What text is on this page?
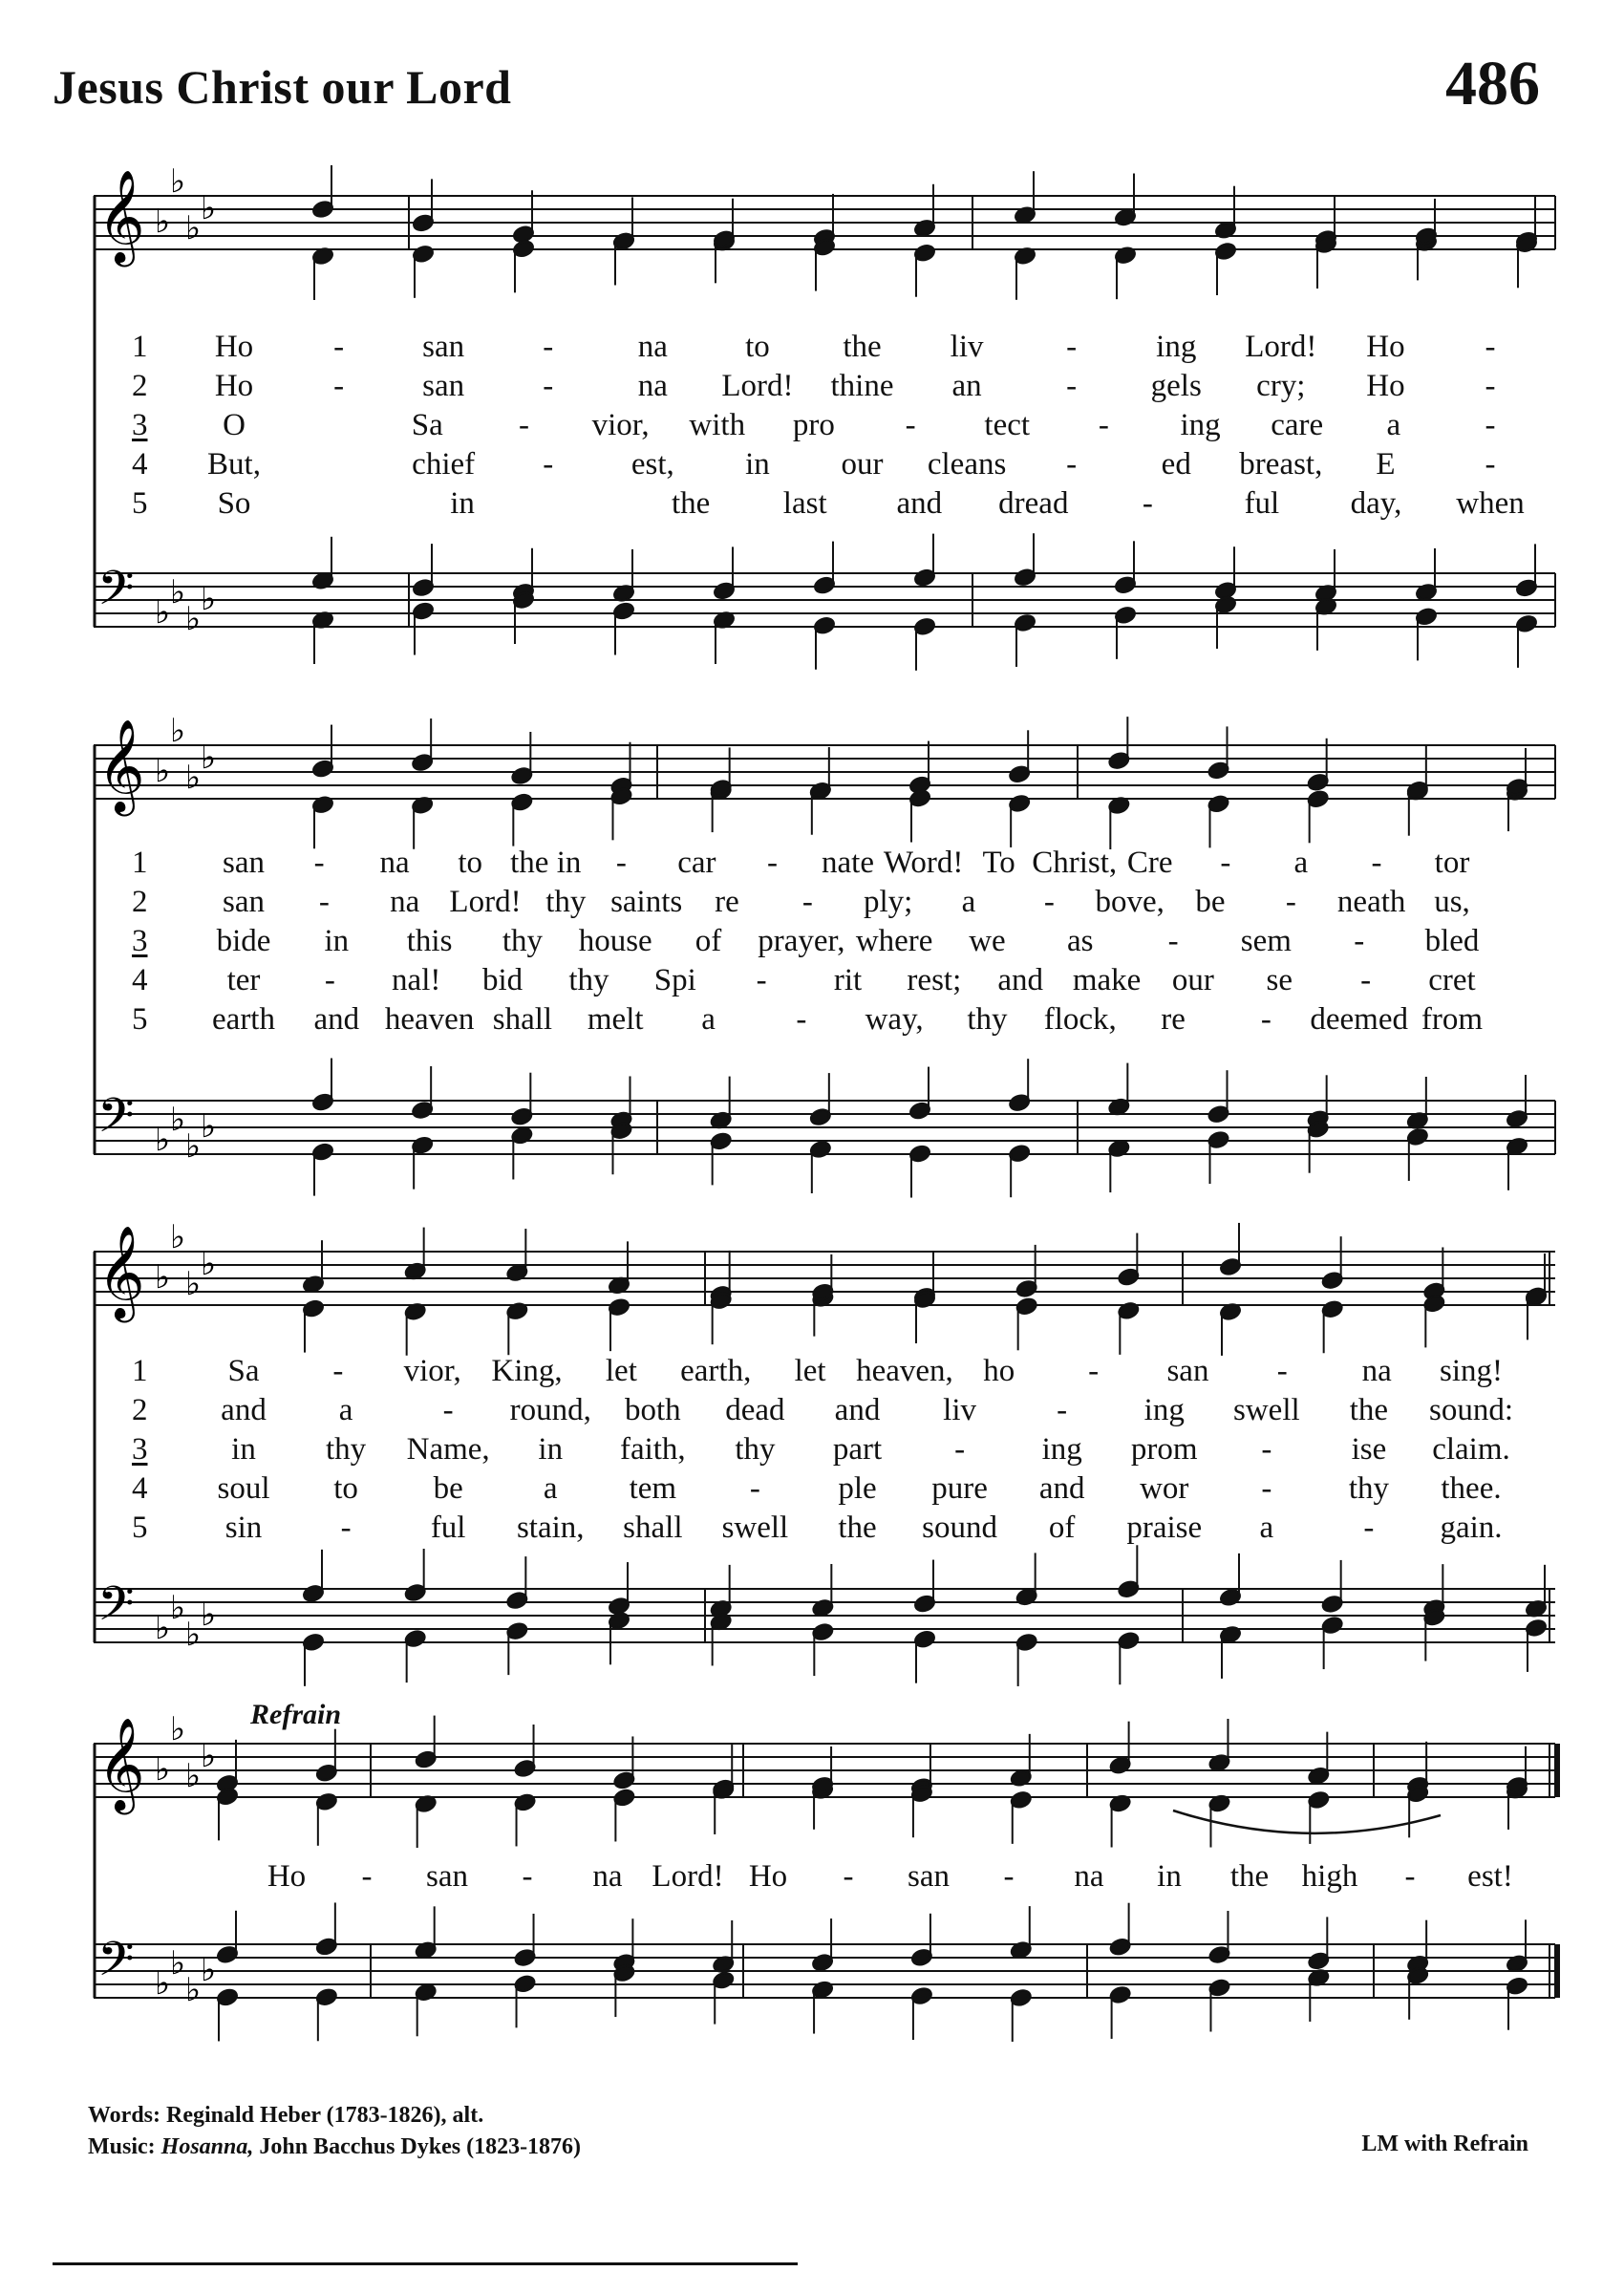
Jesus Christ our Lord	486
𝄞 ♭
♭
♭
♭
𝄢 ♭
♭
♭
♭
1 Ho	- san -	na to the liv	-	ing Lord! Ho	-
2 Ho	- san -	na Lord! thine an	- gels cry; Ho	-
3 O	Sa - vior, with pro - tect - ing care a	-
4 But,	chief - est, in our cleans -	ed breast, E	-
5 So	in	the last and dread -	ful day, when
𝄞 ♭
♭
♭
♭
𝄢 ♭
♭
♭
♭
1 san - na to the in - car - nate Word! To Christ, Cre - a - tor
2 san - na Lord! thy saints re - ply; a - bove, be - neath us,
3 bide in this thy house of prayer, where we as - sem - bled
4	ter - nal! bid thy Spi - rit rest; and make our se - cret
5 earth and heaven shall melt a	- way, thy flock, re - deemed from
𝄞 ♭
♭
♭
♭
𝄢 ♭
♭
♭
♭
1	Sa - vior, King, let earth, let heaven, ho - san - na sing!
2 and a	- round, both dead and liv	- ing swell the sound:
3	in thy Name, in faith, thy part - ing prom -	ise claim.
4 soul to be	a tem - ple pure and wor - thy thee.
5 sin -	ful stain, shall swell the sound of praise a	- gain.
𝄞 ♭
♭
♭
♭
𝄢 ♭
♭
♭
♭
Ho - san - na Lord! Ho - san - na in the high - est!
Refrain
Words: Reginald Heber (1783-1826), alt.
Music: Hosanna, John Bacchus Dykes (1823-1876)	LM with Refrain
